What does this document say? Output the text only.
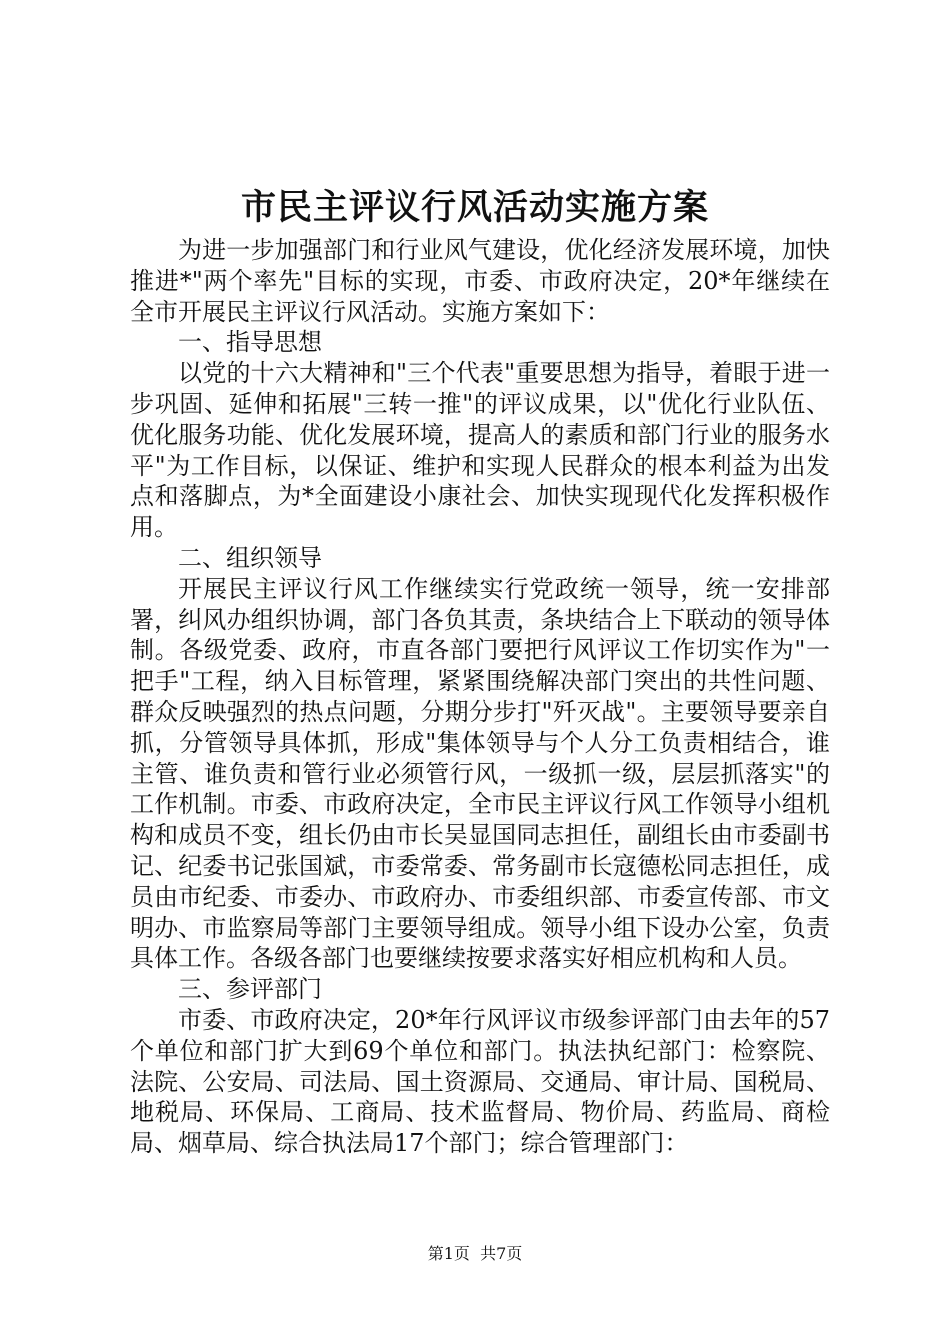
市民主评议行风活动实施方案

为进一步加强部门和行业风气建设，优化经济发展环境，加快推进*"两个率先"目标的实现，市委、市政府决定，20*年继续在全市开展民主评议行风活动。实施方案如下：

一、指导思想

以党的十六大精神和"三个代表"重要思想为指导，着眼于进一步巩固、延伸和拓展"三转一推"的评议成果，以"优化行业队伍、优化服务功能、优化发展环境，提高人的素质和部门行业的服务水平"为工作目标，以保证、维护和实现人民群众的根本利益为出发点和落脚点，为*全面建设小康社会、加快实现现代化发挥积极作用。

二、组织领导

开展民主评议行风工作继续实行党政统一领导，统一安排部署，纠风办组织协调，部门各负其责，条块结合上下联动的领导体制。各级党委、政府，市直各部门要把行风评议工作切实作为"一把手"工程，纳入目标管理，紧紧围绕解决部门突出的共性问题、群众反映强烈的热点问题，分期分步打"歼灭战"。主要领导要亲自抓，分管领导具体抓，形成"集体领导与个人分工负责相结合，谁主管、谁负责和管行业必须管行风，一级抓一级，层层抓落实"的工作机制。市委、市政府决定，全市民主评议行风工作领导小组机构和成员不变，组长仍由市长吴显国同志担任，副组长由市委副书记、纪委书记张国斌，市委常委、常务副市长寇德松同志担任，成员由市纪委、市委办、市政府办、市委组织部、市委宣传部、市文明办、市监察局等部门主要领导组成。领导小组下设办公室，负责具体工作。各级各部门也要继续按要求落实好相应机构和人员。

三、参评部门

市委、市政府决定，20*年行风评议市级参评部门由去年的57个单位和部门扩大到69个单位和部门。执法执纪部门：检察院、法院、公安局、司法局、国土资源局、交通局、审计局、国税局、地税局、环保局、工商局、技术监督局、物价局、药监局、商检局、烟草局、综合执法局17个部门；综合管理部门：

第1页  共7页
